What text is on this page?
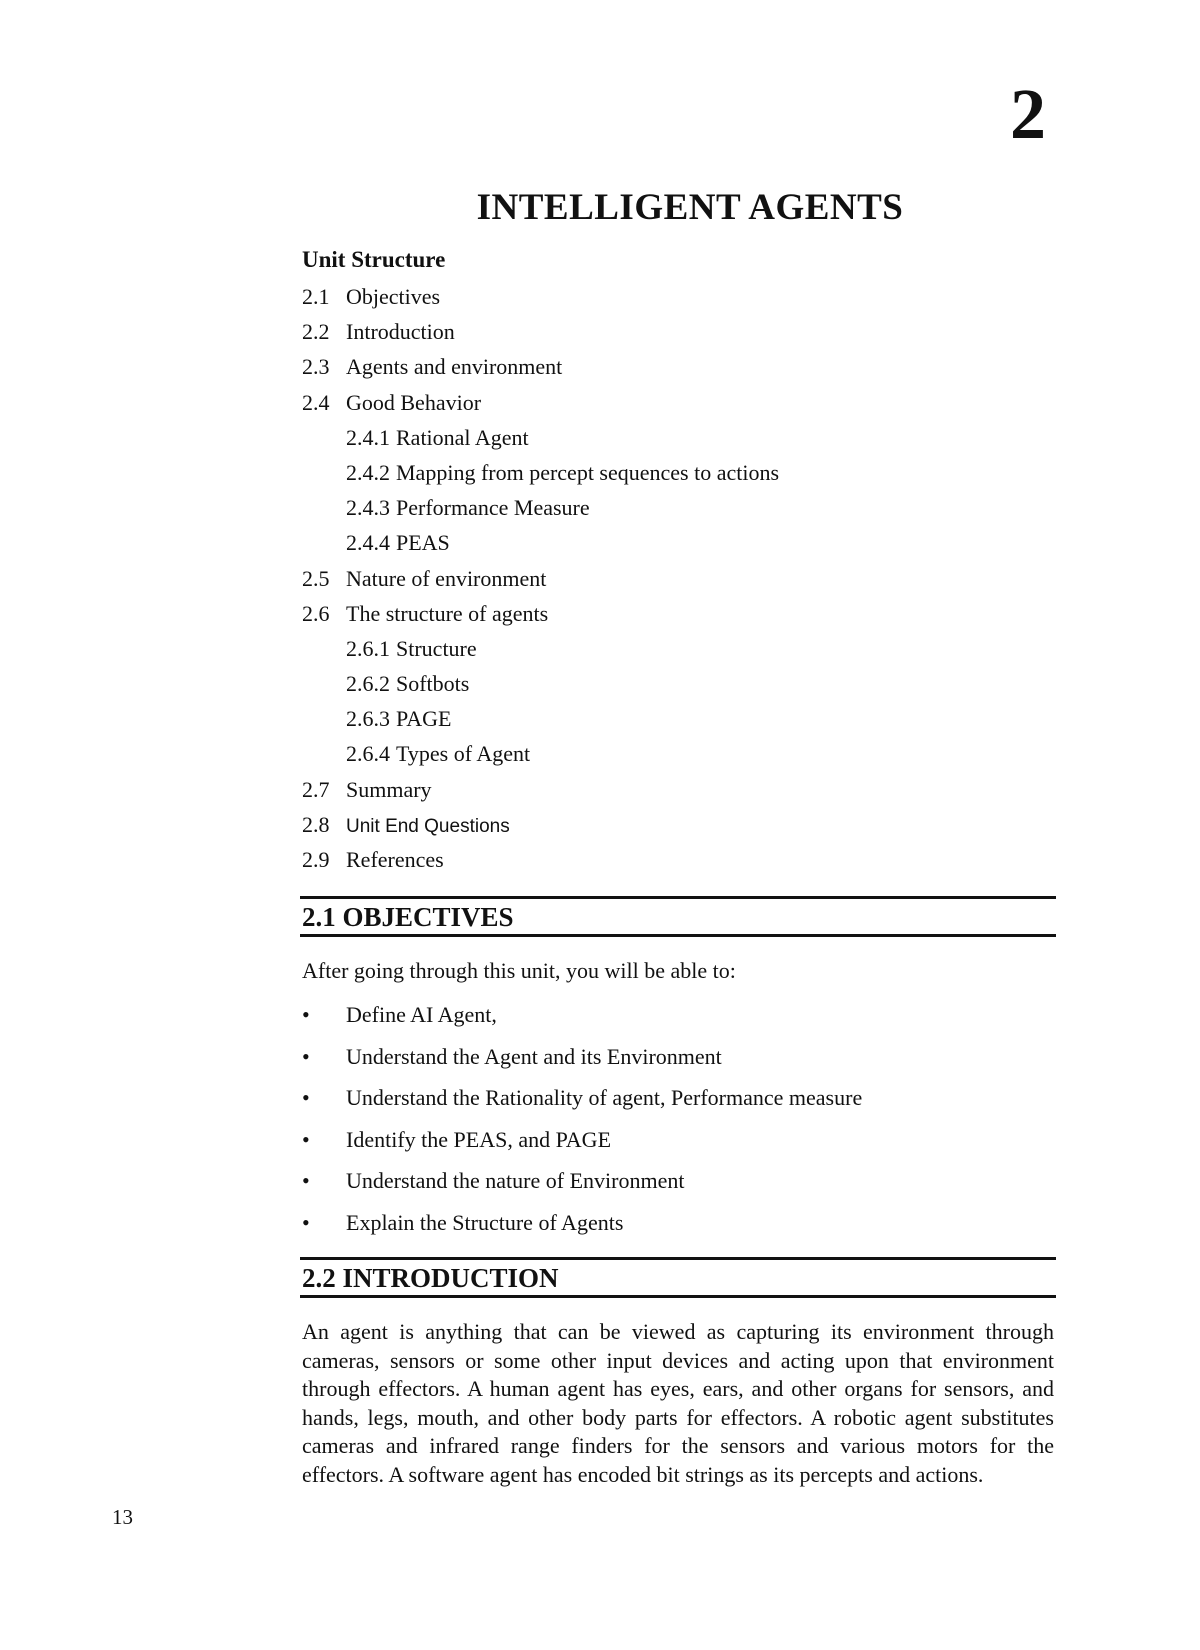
2
INTELLIGENT AGENTS
Unit Structure
2.1 Objectives
2.2 Introduction
2.3 Agents and environment
2.4 Good Behavior
2.4.1 Rational Agent
2.4.2 Mapping from percept sequences to actions
2.4.3 Performance Measure
2.4.4 PEAS
2.5 Nature of environment
2.6 The structure of agents
2.6.1 Structure
2.6.2 Softbots
2.6.3 PAGE
2.6.4 Types of Agent
2.7 Summary
2.8 Unit End Questions
2.9 References
2.1 OBJECTIVES
After going through this unit, you will be able to:
•	Define AI Agent,
•	Understand the Agent and its Environment
•	Understand the Rationality of agent, Performance measure
•	Identify the PEAS, and PAGE
•	Understand the nature of Environment
•	Explain the Structure of Agents
2.2 INTRODUCTION

An agent is anything that can be viewed as capturing its environment through cameras, sensors or some other input devices and acting upon that environment through effectors. A human agent has eyes, ears, and other organs for sensors, and hands, legs, mouth, and other body parts for effectors. A robotic agent substitutes cameras and infrared range finders for the sensors and various motors for the effectors. A software agent has encoded bit strings as its percepts and actions.

13
